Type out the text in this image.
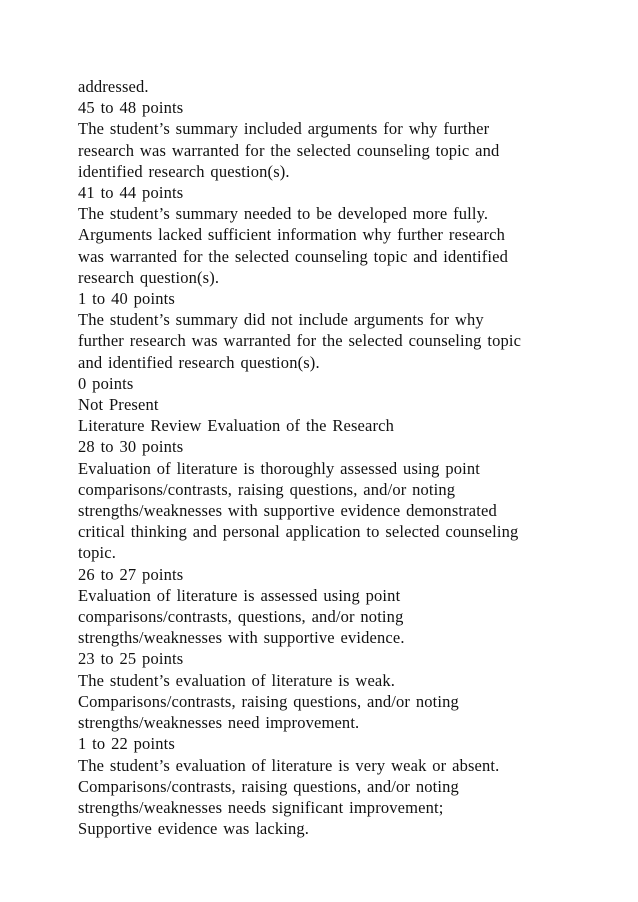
addressed.
45 to 48 points
The student’s summary included arguments for why further
research was warranted for the selected counseling topic and
identified research question(s).
41 to 44 points
The student’s summary needed to be developed more fully.
Arguments lacked sufficient information why further research
was warranted for the selected counseling topic and identified
research question(s).
1 to 40 points
The student’s summary did not include arguments for why
further research was warranted for the selected counseling topic
and identified research question(s).
0 points
Not Present
Literature Review Evaluation of the Research
28 to 30 points
Evaluation of literature is thoroughly assessed using point
comparisons/contrasts, raising questions, and/or noting
strengths/weaknesses with supportive evidence demonstrated
critical thinking and personal application to selected counseling
topic.
26 to 27 points
Evaluation of literature is assessed using point
comparisons/contrasts, questions, and/or noting
strengths/weaknesses with supportive evidence.
23 to 25 points
The student’s evaluation of literature is weak.
Comparisons/contrasts, raising questions, and/or noting
strengths/weaknesses need improvement.
1 to 22 points
The student’s evaluation of literature is very weak or absent.
Comparisons/contrasts, raising questions, and/or noting
strengths/weaknesses needs significant improvement;
Supportive evidence was lacking.
